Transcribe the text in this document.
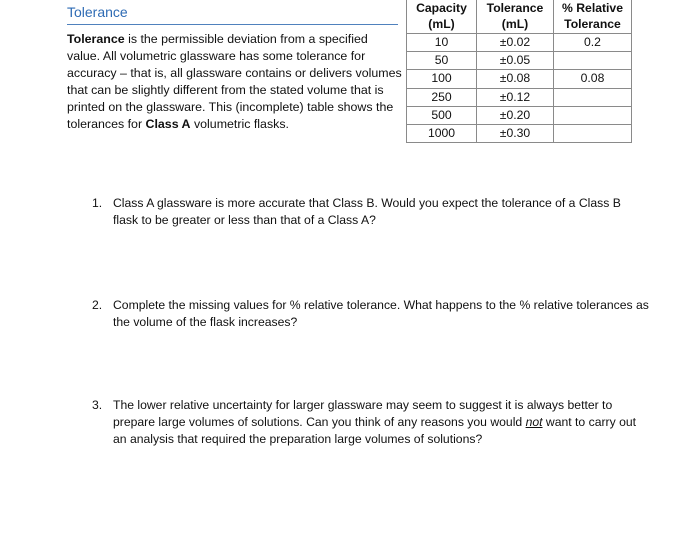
Tolerance

Tolerance is the permissible deviation from a specified value. All volumetric glassware has some tolerance for accuracy – that is, all glassware contains or delivers volumes that can be slightly different from the stated volume that is printed on the glassware. This (incomplete) table shows the tolerances for Class A volumetric flasks.

Capacity (mL)	Tolerance (mL)	% Relative Tolerance
10	±0.02	0.2
50	±0.05	
100	±0.08	0.08
250	±0.12	
500	±0.20	
1000	±0.30	

1. Class A glassware is more accurate that Class B. Would you expect the tolerance of a Class B flask to be greater or less than that of a Class A?

2. Complete the missing values for % relative tolerance. What happens to the % relative tolerances as the volume of the flask increases?

3. The lower relative uncertainty for larger glassware may seem to suggest it is always better to prepare large volumes of solutions. Can you think of any reasons you would not want to carry out an analysis that required the preparation large volumes of solutions?
